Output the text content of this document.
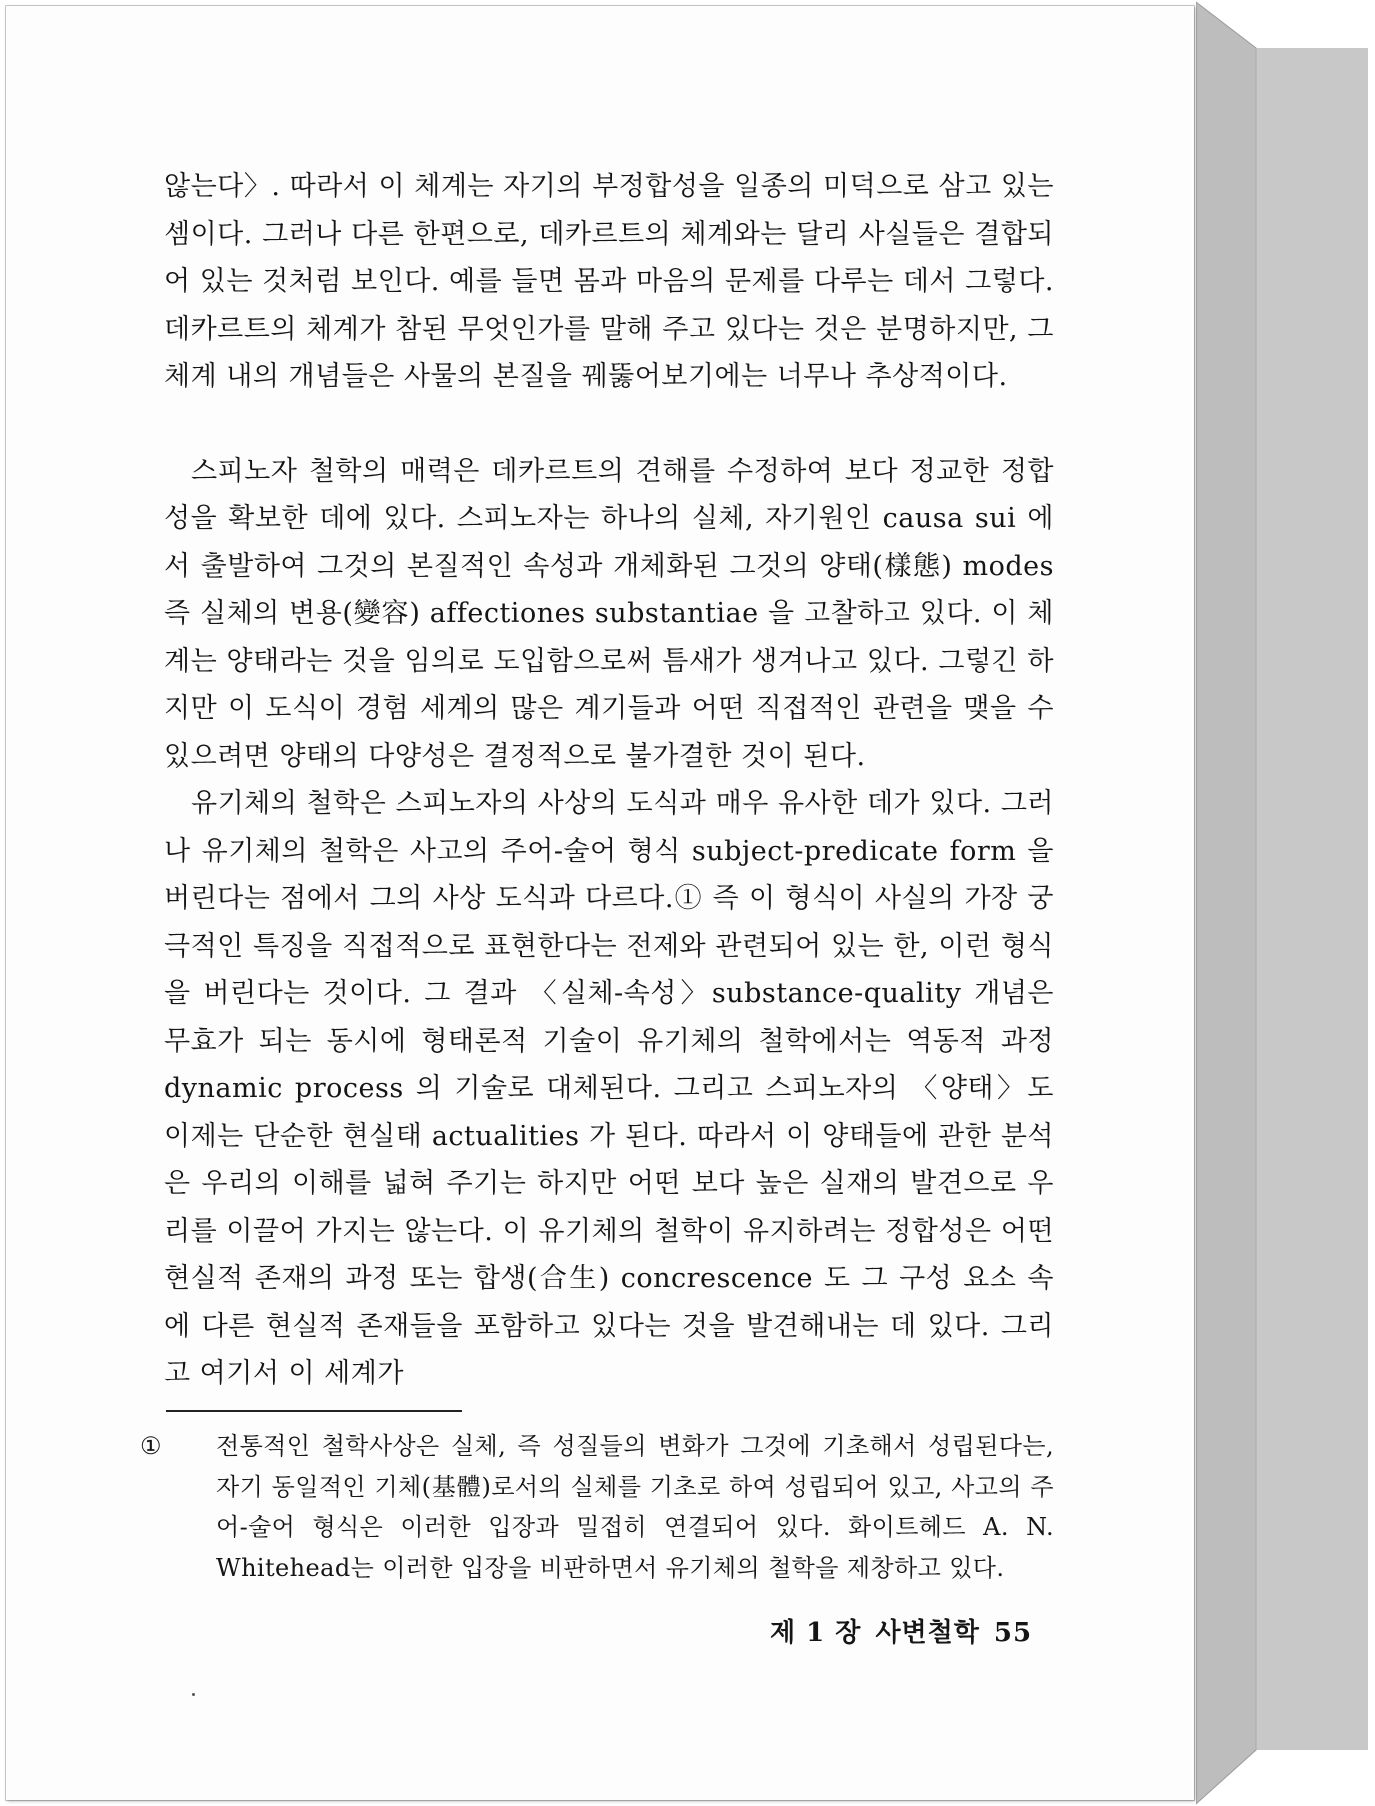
않는다〉. 따라서 이 체계는 자기의 부정합성을 일종의 미덕으로 삼고 있는 셈이다. 그러나 다른 한편으로, 데카르트의 체계와는 달리 사실들은 결합되어 있는 것처럼 보인다. 예를 들면 몸과 마음의 문제를 다루는 데서 그렇다. 데카르트의 체계가 참된 무엇인가를 말해 주고 있다는 것은 분명하지만, 그 체계 내의 개념들은 사물의 본질을 꿰뚫어보기에는 너무나 추상적이다.

스피노자 철학의 매력은 데카르트의 견해를 수정하여 보다 정교한 정합성을 확보한 데에 있다. 스피노자는 하나의 실체, 자기원인 causa sui 에서 출발하여 그것의 본질적인 속성과 개체화된 그것의 양태(樣態) modes 즉 실체의 변용(變容) affectiones substantiae 을 고찰하고 있다. 이 체계는 양태라는 것을 임의로 도입함으로써 틈새가 생겨나고 있다. 그렇긴 하지만 이 도식이 경험 세계의 많은 계기들과 어떤 직접적인 관련을 맺을 수 있으려면 양태의 다양성은 결정적으로 불가결한 것이 된다.

유기체의 철학은 스피노자의 사상의 도식과 매우 유사한 데가 있다. 그러나 유기체의 철학은 사고의 주어-술어 형식 subject-predicate form 을 버린다는 점에서 그의 사상 도식과 다르다.① 즉 이 형식이 사실의 가장 궁극적인 특징을 직접적으로 표현한다는 전제와 관련되어 있는 한, 이런 형식을 버린다는 것이다. 그 결과 〈실체-속성〉substance-quality 개념은 무효가 되는 동시에 형태론적 기술이 유기체의 철학에서는 역동적 과정 dynamic process 의 기술로 대체된다. 그리고 스피노자의 〈양태〉도 이제는 단순한 현실태 actualities 가 된다. 따라서 이 양태들에 관한 분석은 우리의 이해를 넓혀 주기는 하지만 어떤 보다 높은 실재의 발견으로 우리를 이끌어 가지는 않는다. 이 유기체의 철학이 유지하려는 정합성은 어떤 현실적 존재의 과정 또는 합생(合生) concrescence 도 그 구성 요소 속에 다른 현실적 존재들을 포함하고 있다는 것을 발견해내는 데 있다. 그리고 여기서 이 세계가

① 전통적인 철학사상은 실체, 즉 성질들의 변화가 그것에 기초해서 성립된다는, 자기 동일적인 기체(基體)로서의 실체를 기초로 하여 성립되어 있고, 사고의 주어-술어 형식은 이러한 입장과 밀접히 연결되어 있다. 화이트헤드 A. N. Whitehead는 이러한 입장을 비판하면서 유기체의 철학을 제창하고 있다.

제 1 장 사변철학 55
